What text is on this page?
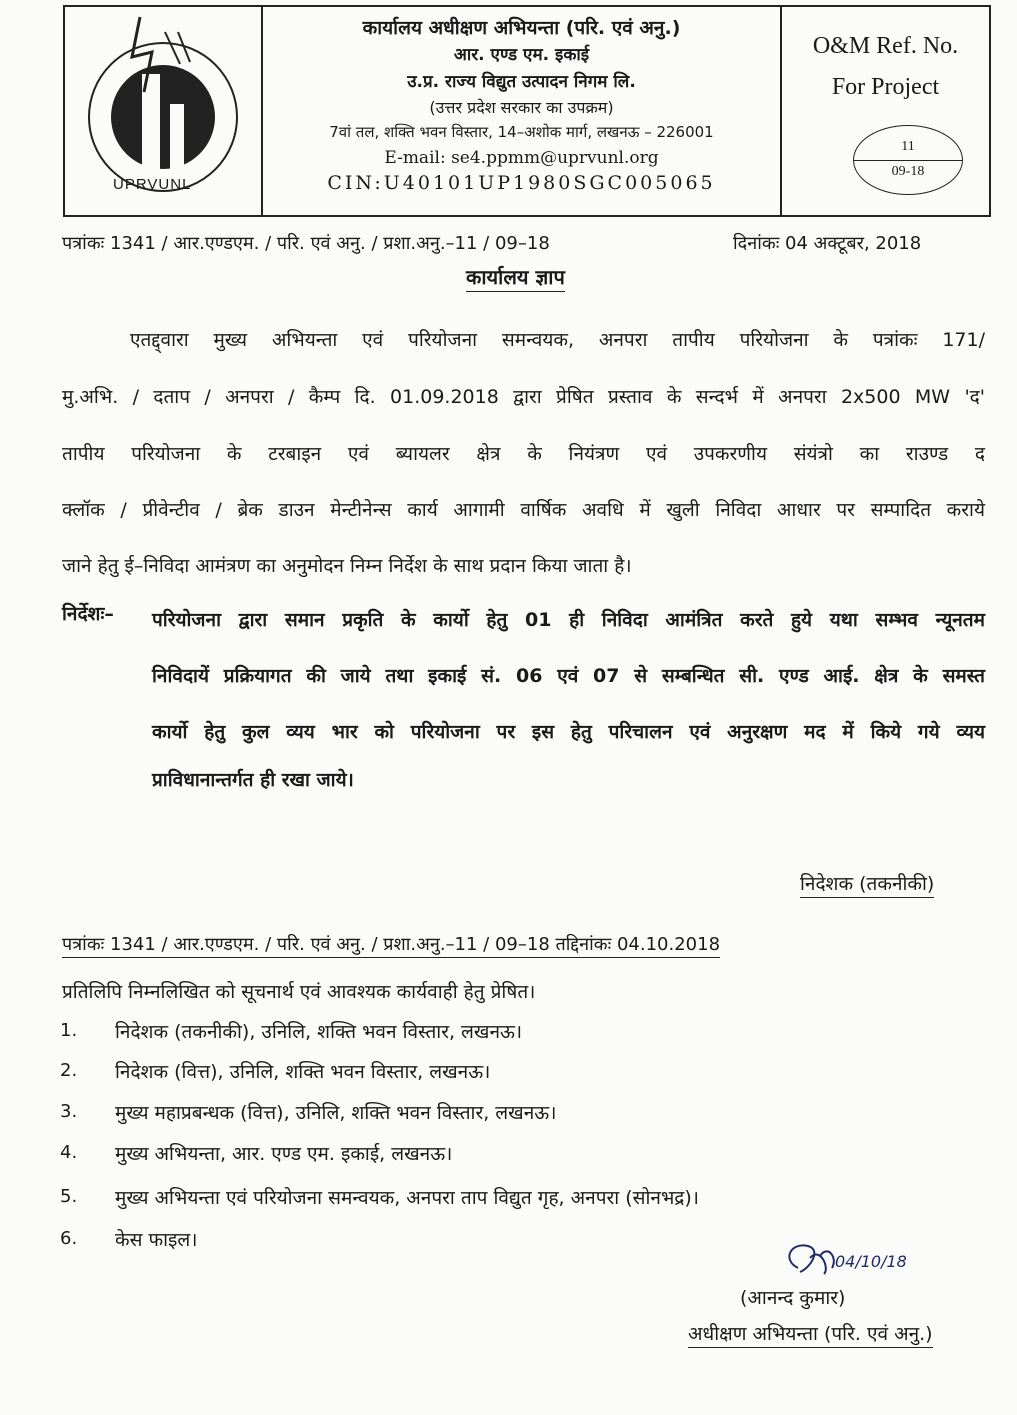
UPRVUNL
कार्यालय अधीक्षण अभियन्ता (परि. एवं अनु.)
आर. एण्ड एम. इकाई
उ.प्र. राज्य विद्युत उत्पादन निगम लि.
(उत्तर प्रदेश सरकार का उपक्रम)
7वां तल, शक्ति भवन विस्तार, 14–अशोक मार्ग, लखनऊ – 226001
E-mail: se4.ppmm@uprvunl.org
CIN:U40101UP1980SGC005065
O&M Ref. No.
For Project
11
09-18
पत्रांकः 1341 / आर.एण्डएम. / परि. एवं अनु. / प्रशा.अनु.–11 / 09–18	दिनांकः 04 अक्टूबर, 2018
कार्यालय ज्ञाप
एतद्द्वारा मुख्य अभियन्ता एवं परियोजना समन्वयक, अनपरा तापीय परियोजना के पत्रांकः 171/
मु.अभि. / दताप / अनपरा / कैम्प दि. 01.09.2018 द्वारा प्रेषित प्रस्ताव के सन्दर्भ में अनपरा 2x500 MW 'द'
तापीय परियोजना के टरबाइन एवं ब्यायलर क्षेत्र के नियंत्रण एवं उपकरणीय संयंत्रो का राउण्ड द
क्लॉक / प्रीवेन्टीव / ब्रेक डाउन मेन्टीनेन्स कार्य आगामी वार्षिक अवधि में खुली निविदा आधार पर सम्पादित कराये
जाने हेतु ई–निविदा आमंत्रण का अनुमोदन निम्न निर्देश के साथ प्रदान किया जाता है।
निर्देशः– परियोजना द्वारा समान प्रकृति के कार्यो हेतु 01 ही निविदा आमंत्रित करते हुये यथा सम्भव न्यूनतम
निविदायें प्रक्रियागत की जाये तथा इकाई सं. 06 एवं 07 से सम्बन्धित सी. एण्ड आई. क्षेत्र के समस्त
कार्यो हेतु कुल व्यय भार को परियोजना पर इस हेतु परिचालन एवं अनुरक्षण मद में किये गये व्यय
प्राविधानान्तर्गत ही रखा जाये।
निदेशक (तकनीकी)
पत्रांकः 1341 / आर.एण्डएम. / परि. एवं अनु. / प्रशा.अनु.–11 / 09–18 तद्दिनांकः 04.10.2018
प्रतिलिपि निम्नलिखित को सूचनार्थ एवं आवश्यक कार्यवाही हेतु प्रेषित।
1. निदेशक (तकनीकी), उनिलि, शक्ति भवन विस्तार, लखनऊ।
2. निदेशक (वित्त), उनिलि, शक्ति भवन विस्तार, लखनऊ।
3. मुख्य महाप्रबन्धक (वित्त), उनिलि, शक्ति भवन विस्तार, लखनऊ।
4. मुख्य अभियन्ता, आर. एण्ड एम. इकाई, लखनऊ।
5. मुख्य अभियन्ता एवं परियोजना समन्वयक, अनपरा ताप विद्युत गृह, अनपरा (सोनभद्र)।
6. केस फाइल।
04/10/18
(आनन्द कुमार)
अधीक्षण अभियन्ता (परि. एवं अनु.)
